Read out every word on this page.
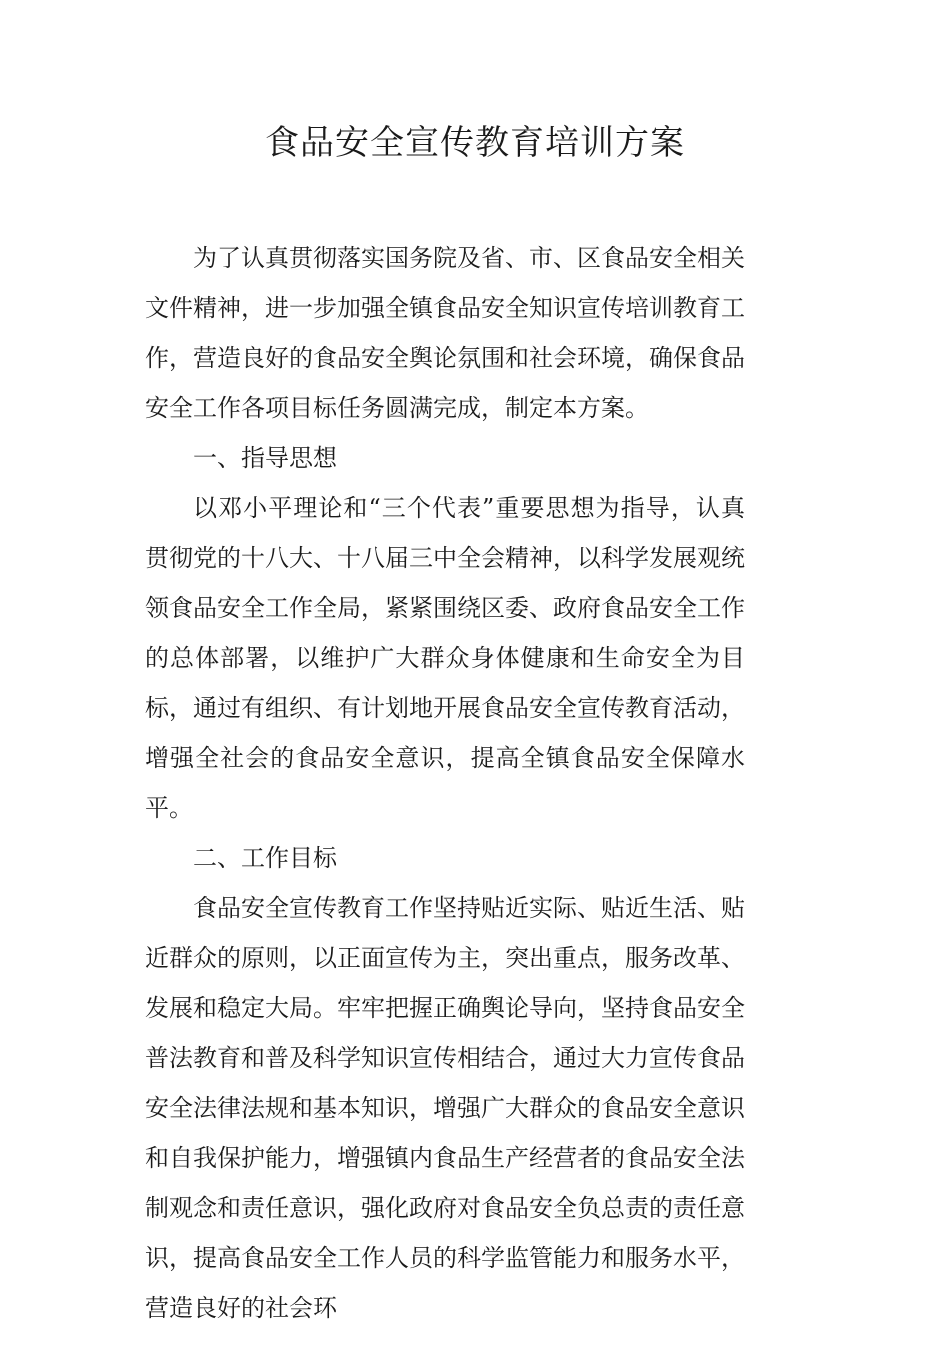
食品安全宣传教育培训方案

为了认真贯彻落实国务院及省、市、区食品安全相关文件精神，进一步加强全镇食品安全知识宣传培训教育工作，营造良好的食品安全舆论氛围和社会环境，确保食品安全工作各项目标任务圆满完成，制定本方案。

一、指导思想

以邓小平理论和“三个代表”重要思想为指导，认真贯彻党的十八大、十八届三中全会精神，以科学发展观统领食品安全工作全局，紧紧围绕区委、政府食品安全工作的总体部署，以维护广大群众身体健康和生命安全为目标，通过有组织、有计划地开展食品安全宣传教育活动，增强全社会的食品安全意识，提高全镇食品安全保障水平。

二、工作目标

食品安全宣传教育工作坚持贴近实际、贴近生活、贴近群众的原则，以正面宣传为主，突出重点，服务改革、发展和稳定大局。牢牢把握正确舆论导向，坚持食品安全普法教育和普及科学知识宣传相结合，通过大力宣传食品安全法律法规和基本知识，增强广大群众的食品安全意识和自我保护能力，增强镇内食品生产经营者的食品安全法制观念和责任意识，强化政府对食品安全负总责的责任意识，提高食品安全工作人员的科学监管能力和服务水平，营造良好的社会环
